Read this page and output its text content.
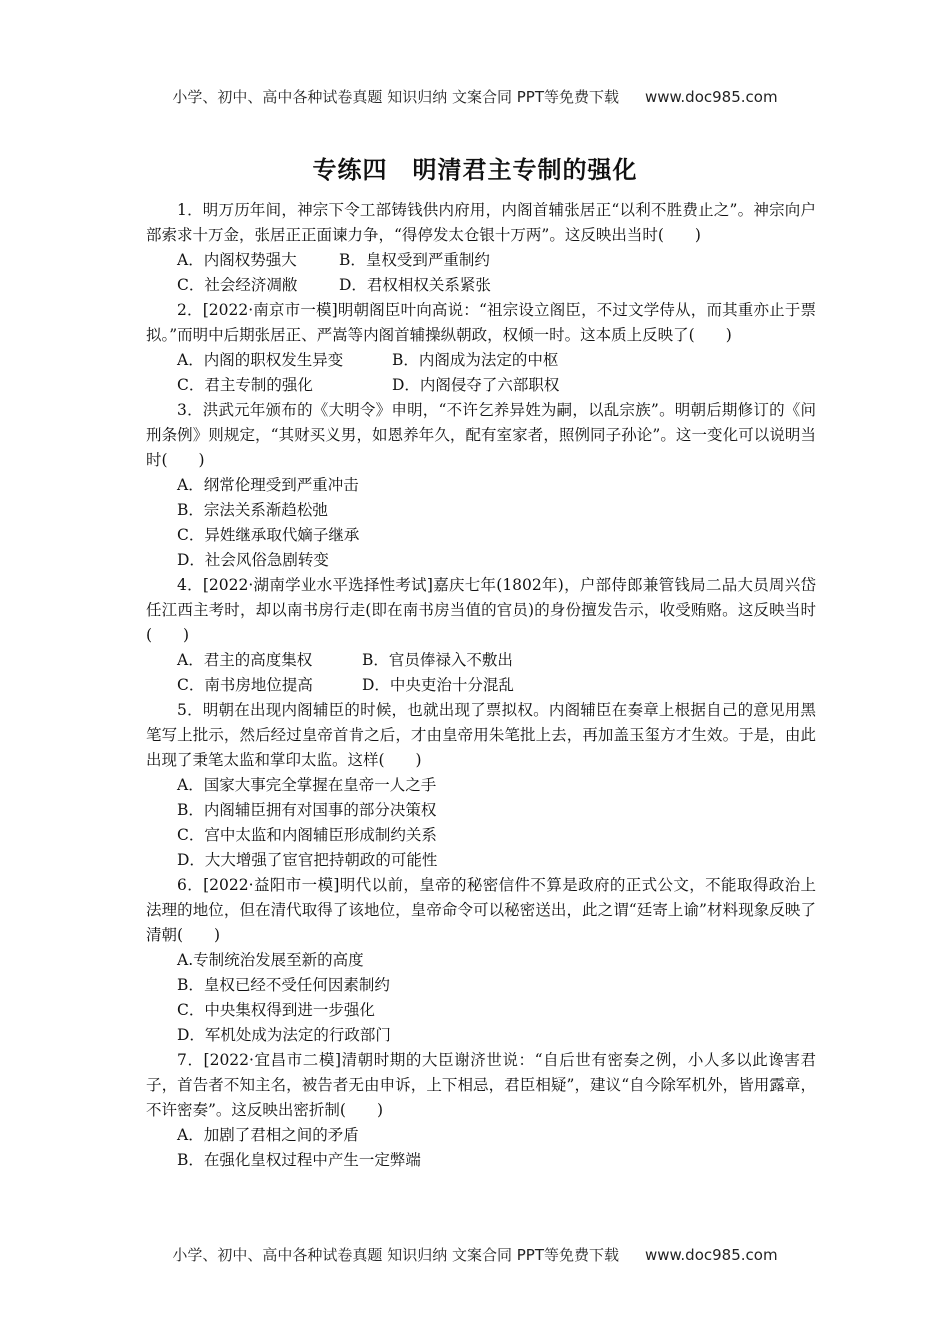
小学、初中、高中各种试卷真题 知识归纳 文案合同 PPT等免费下载 www.doc985.com
专练四　明清君主专制的强化

1．明万历年间，神宗下令工部铸钱供内府用，内阁首辅张居正“以利不胜费止之”。神宗向户部索求十万金，张居正正面谏力争，“得停发太仓银十万两”。这反映出当时(　　)

A．内阁权势强大	B．皇权受到严重制约

C．社会经济凋敝	D．君权相权关系紧张

2．[2022·南京市一模]明朝阁臣叶向高说：“祖宗设立阁臣，不过文学侍从，而其重亦止于票拟。”而明中后期张居正、严嵩等内阁首辅操纵朝政，权倾一时。这本质上反映了(　　)

A．内阁的职权发生异变	B．内阁成为法定的中枢

C．君主专制的强化	D．内阁侵夺了六部职权

3．洪武元年颁布的《大明令》申明，“不许乞养异姓为嗣，以乱宗族”。明朝后期修订的《问刑条例》则规定，“其财买义男，如恩养年久，配有室家者，照例同子孙论”。这一变化可以说明当时(　　)

A．纲常伦理受到严重冲击

B．宗法关系渐趋松弛

C．异姓继承取代嫡子继承

D．社会风俗急剧转变

4．[2022·湖南学业水平选择性考试]嘉庆七年(1802年)，户部侍郎兼管钱局二品大员周兴岱任江西主考时，却以南书房行走(即在南书房当值的官员)的身份擅发告示，收受贿赂。这反映当时(　　)

A．君主的高度集权	B．官员俸禄入不敷出

C．南书房地位提高	D．中央吏治十分混乱

5．明朝在出现内阁辅臣的时候，也就出现了票拟权。内阁辅臣在奏章上根据自己的意见用黑笔写上批示，然后经过皇帝首肯之后，才由皇帝用朱笔批上去，再加盖玉玺方才生效。于是，由此出现了秉笔太监和掌印太监。这样(　　)

A．国家大事完全掌握在皇帝一人之手

B．内阁辅臣拥有对国事的部分决策权

C．宫中太监和内阁辅臣形成制约关系

D．大大增强了宦官把持朝政的可能性

6．[2022·益阳市一模]明代以前，皇帝的秘密信件不算是政府的正式公文，不能取得政治上法理的地位，但在清代取得了该地位，皇帝命令可以秘密送出，此之谓“廷寄上谕”材料现象反映了清朝(　　)

A.专制统治发展至新的高度

B．皇权已经不受任何因素制约

C．中央集权得到进一步强化

D．军机处成为法定的行政部门

7．[2022·宜昌市二模]清朝时期的大臣谢济世说：“自后世有密奏之例，小人多以此谗害君子，首告者不知主名，被告者无由申诉，上下相忌，君臣相疑”，建议“自今除军机外，皆用露章，不许密奏”。这反映出密折制(　　)

A．加剧了君相之间的矛盾

B．在强化皇权过程中产生一定弊端

小学、初中、高中各种试卷真题 知识归纳 文案合同 PPT等免费下载 www.doc985.com
